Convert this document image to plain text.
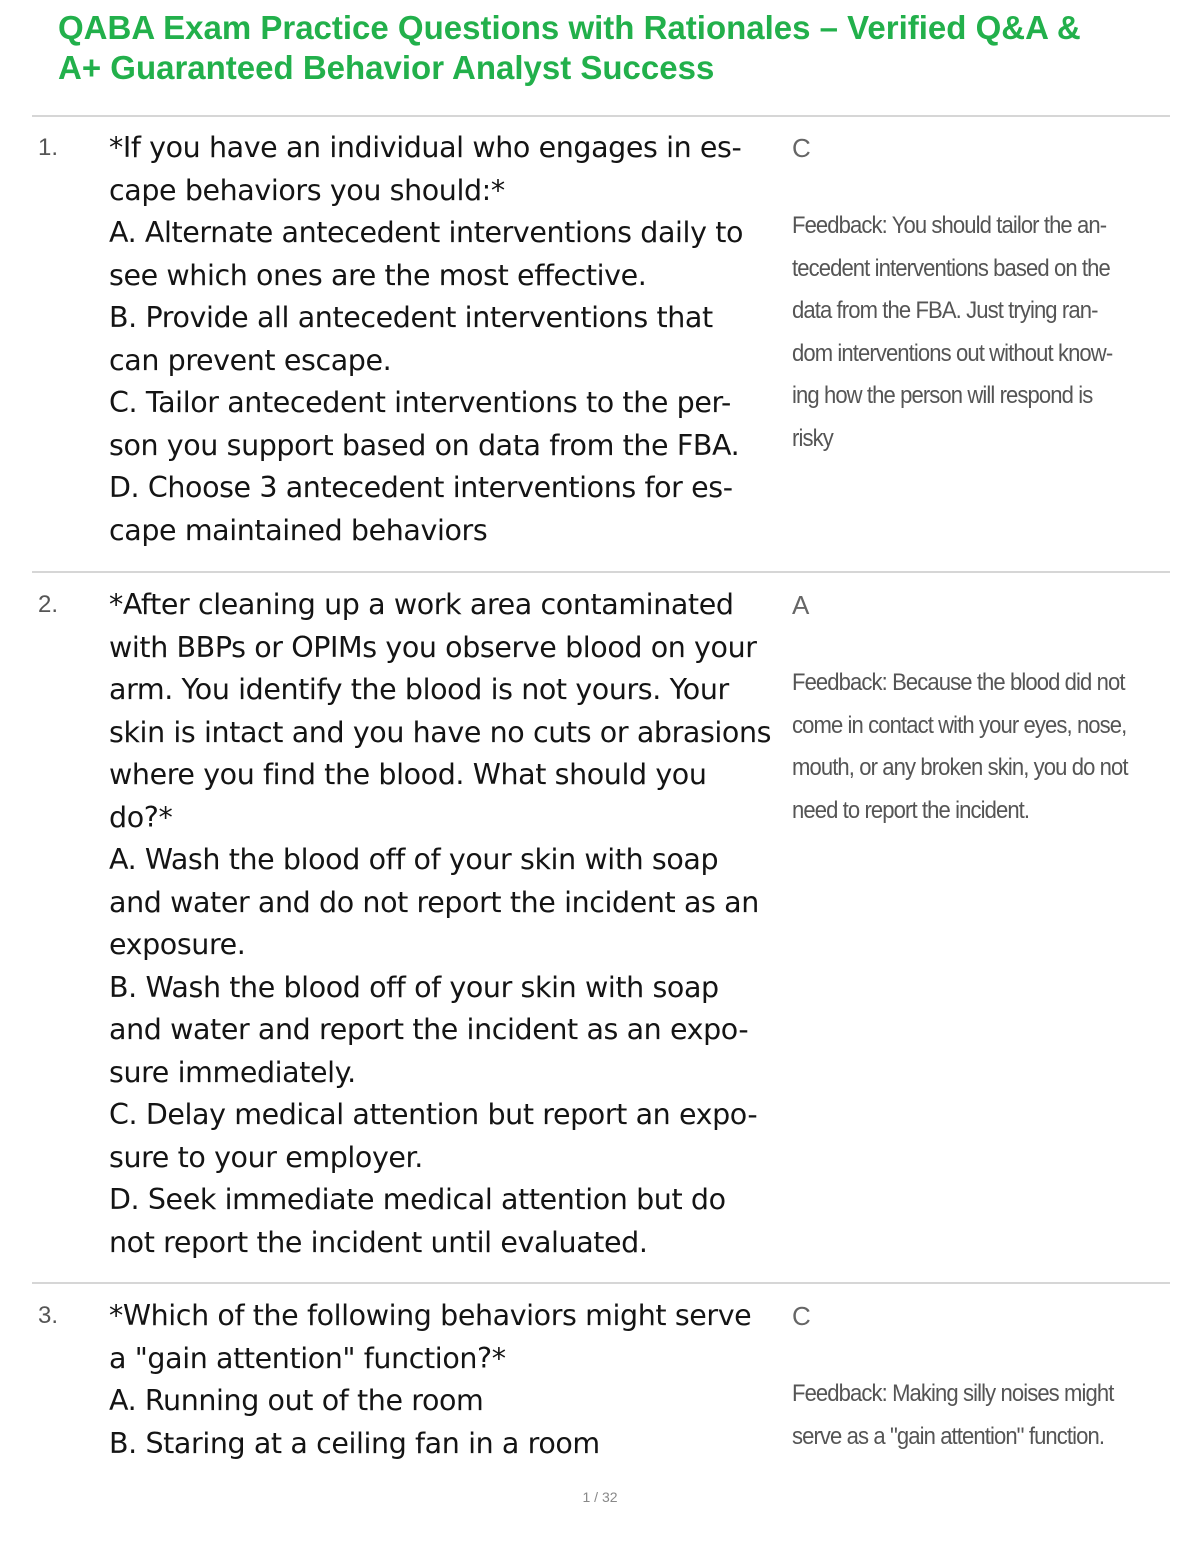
QABA Exam Practice Questions with Rationales – Verified Q&A &
A+ Guaranteed Behavior Analyst Success
1. *If you have an individual who engages in es-
cape behaviors you should:*
A. Alternate antecedent interventions daily to
see which ones are the most effective.
B. Provide all antecedent interventions that
can prevent escape.
C. Tailor antecedent interventions to the per-
son you support based on data from the FBA.
D. Choose 3 antecedent interventions for es-
cape maintained behaviors
C
Feedback: You should tailor the an-
tecedent interventions based on the
data from the FBA. Just trying ran-
dom interventions out without know-
ing how the person will respond is
risky
2. *After cleaning up a work area contaminated
with BBPs or OPIMs you observe blood on your
arm. You identify the blood is not yours. Your
skin is intact and you have no cuts or abrasions
where you find the blood. What should you
do?*
A. Wash the blood off of your skin with soap
and water and do not report the incident as an
exposure.
B. Wash the blood off of your skin with soap
and water and report the incident as an expo-
sure immediately.
C. Delay medical attention but report an expo-
sure to your employer.
D. Seek immediate medical attention but do
not report the incident until evaluated.
A
Feedback: Because the blood did not
come in contact with your eyes, nose,
mouth, or any broken skin, you do not
need to report the incident.
3. *Which of the following behaviors might serve
a "gain attention" function?*
A. Running out of the room
B. Staring at a ceiling fan in a room
C
Feedback: Making silly noises might
serve as a "gain attention" function.
1 / 32
